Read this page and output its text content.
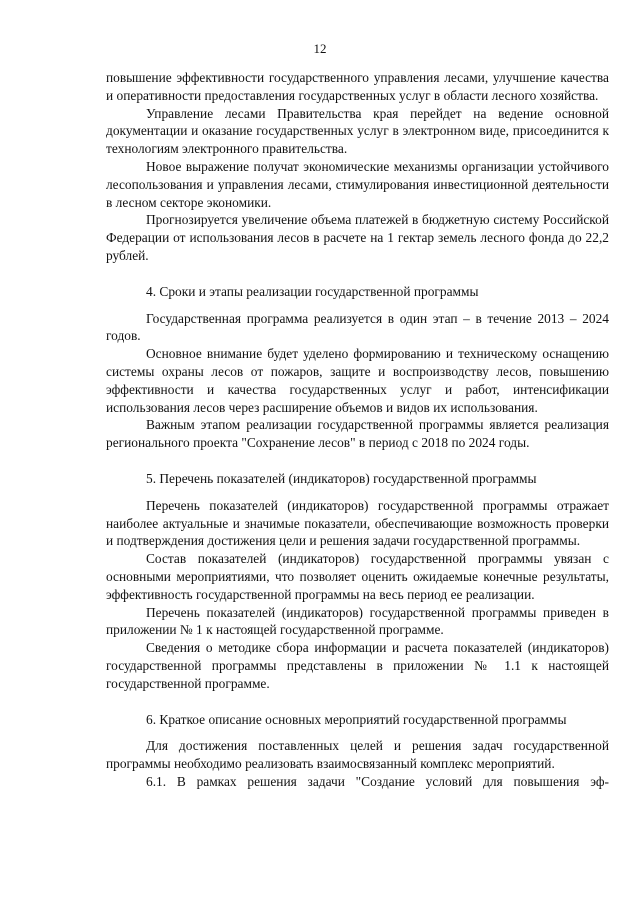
12

повышение эффективности государственного управления лесами, улучшение качества и оперативности предоставления государственных услуг в области лесного хозяйства.

Управление лесами Правительства края перейдет на ведение основной документации и оказание государственных услуг в электронном виде, присоединится к технологиям электронного правительства.

Новое выражение получат экономические механизмы организации устойчивого лесопользования и управления лесами, стимулирования инвестиционной деятельности в лесном секторе экономики.

Прогнозируется увеличение объема платежей в бюджетную систему Российской Федерации от использования лесов в расчете на 1 гектар земель лесного фонда до 22,2 рублей.

4. Сроки и этапы реализации государственной программы

Государственная программа реализуется в один этап – в течение 2013 – 2024 годов.

Основное внимание будет уделено формированию и техническому оснащению системы охраны лесов от пожаров, защите и воспроизводству лесов, повышению эффективности и качества государственных услуг и работ, интенсификации использования лесов через расширение объемов и видов их использования.

Важным этапом реализации государственной программы является реализация регионального проекта "Сохранение лесов" в период с 2018 по 2024 годы.

5. Перечень показателей (индикаторов) государственной программы

Перечень показателей (индикаторов) государственной программы отражает наиболее актуальные и значимые показатели, обеспечивающие возможность проверки и подтверждения достижения цели и решения задачи государственной программы.

Состав показателей (индикаторов) государственной программы увязан с основными мероприятиями, что позволяет оценить ожидаемые конечные результаты, эффективность государственной программы на весь период ее реализации.

Перечень показателей (индикаторов) государственной программы приведен в приложении № 1 к настоящей государственной программе.

Сведения о методике сбора информации и расчета показателей (индикаторов) государственной программы представлены в приложении № 1.1 к настоящей государственной программе.

6. Краткое описание основных мероприятий государственной программы

Для достижения поставленных целей и решения задач государственной программы необходимо реализовать взаимосвязанный комплекс мероприятий.

6.1. В рамках решения задачи "Создание условий для повышения эф-
